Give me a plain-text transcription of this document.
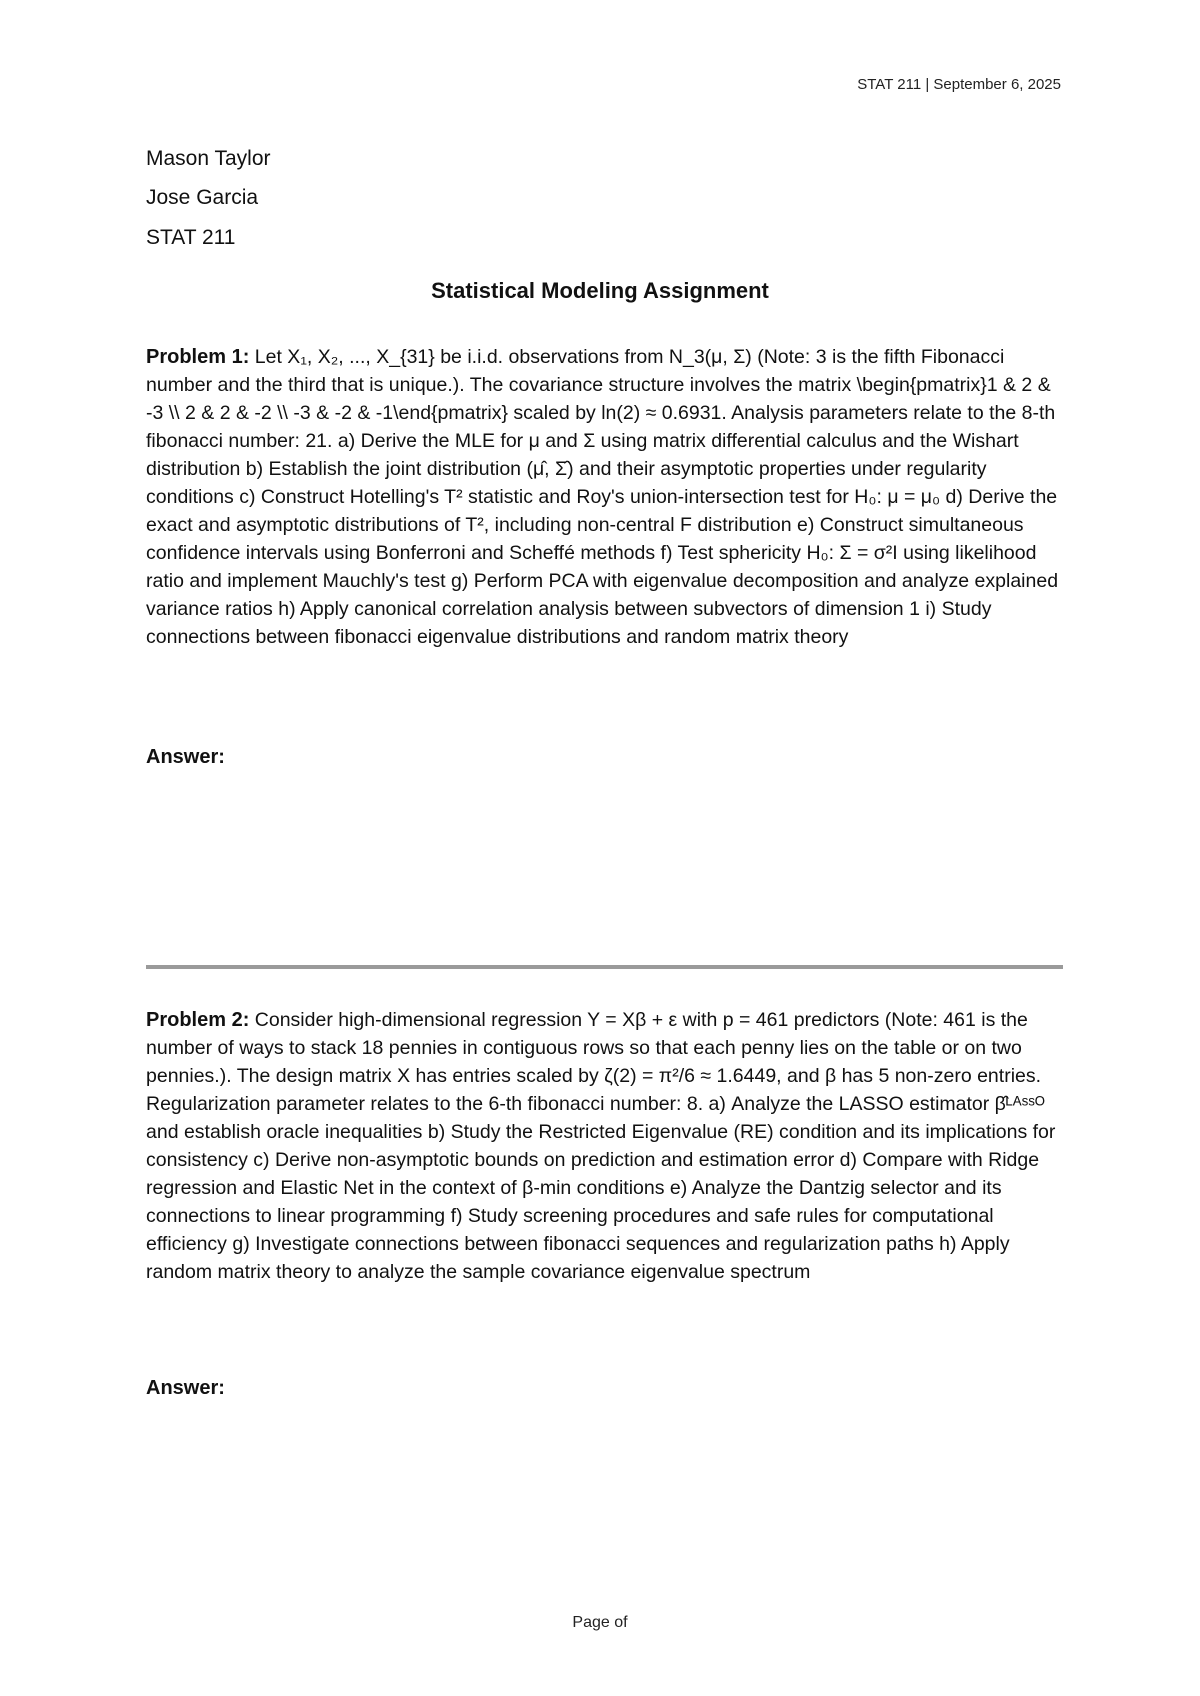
STAT 211 | September 6, 2025
Mason Taylor
Jose Garcia
STAT 211
Statistical Modeling Assignment
Problem 1: Let X₁, X₂, ..., X_{31} be i.i.d. observations from N_3(μ, Σ) (Note: 3 is the fifth Fibonacci number and the third that is unique.). The covariance structure involves the matrix \begin{pmatrix}1 & 2 & -3 \\ 2 & 2 & -2 \\ -3 & -2 & -1\end{pmatrix} scaled by ln(2) ≈ 0.6931. Analysis parameters relate to the 8-th fibonacci number: 21. a) Derive the MLE for μ and Σ using matrix differential calculus and the Wishart distribution b) Establish the joint distribution (μ̂, Σ̂) and their asymptotic properties under regularity conditions c) Construct Hotelling's T² statistic and Roy's union-intersection test for H₀: μ = μ₀ d) Derive the exact and asymptotic distributions of T², including non-central F distribution e) Construct simultaneous confidence intervals using Bonferroni and Scheffé methods f) Test sphericity H₀: Σ = σ²I using likelihood ratio and implement Mauchly's test g) Perform PCA with eigenvalue decomposition and analyze explained variance ratios h) Apply canonical correlation analysis between subvectors of dimension 1 i) Study connections between fibonacci eigenvalue distributions and random matrix theory
Answer:
Problem 2: Consider high-dimensional regression Y = Xβ + ε with p = 461 predictors (Note: 461 is the number of ways to stack 18 pennies in contiguous rows so that each penny lies on the table or on two pennies.). The design matrix X has entries scaled by ζ(2) = π²/6 ≈ 1.6449, and β has 5 non-zero entries. Regularization parameter relates to the 6-th fibonacci number: 8. a) Analyze the LASSO estimator β̂ᴸᴬˢˢᴼ and establish oracle inequalities b) Study the Restricted Eigenvalue (RE) condition and its implications for consistency c) Derive non-asymptotic bounds on prediction and estimation error d) Compare with Ridge regression and Elastic Net in the context of β-min conditions e) Analyze the Dantzig selector and its connections to linear programming f) Study screening procedures and safe rules for computational efficiency g) Investigate connections between fibonacci sequences and regularization paths h) Apply random matrix theory to analyze the sample covariance eigenvalue spectrum
Answer:
Page of
